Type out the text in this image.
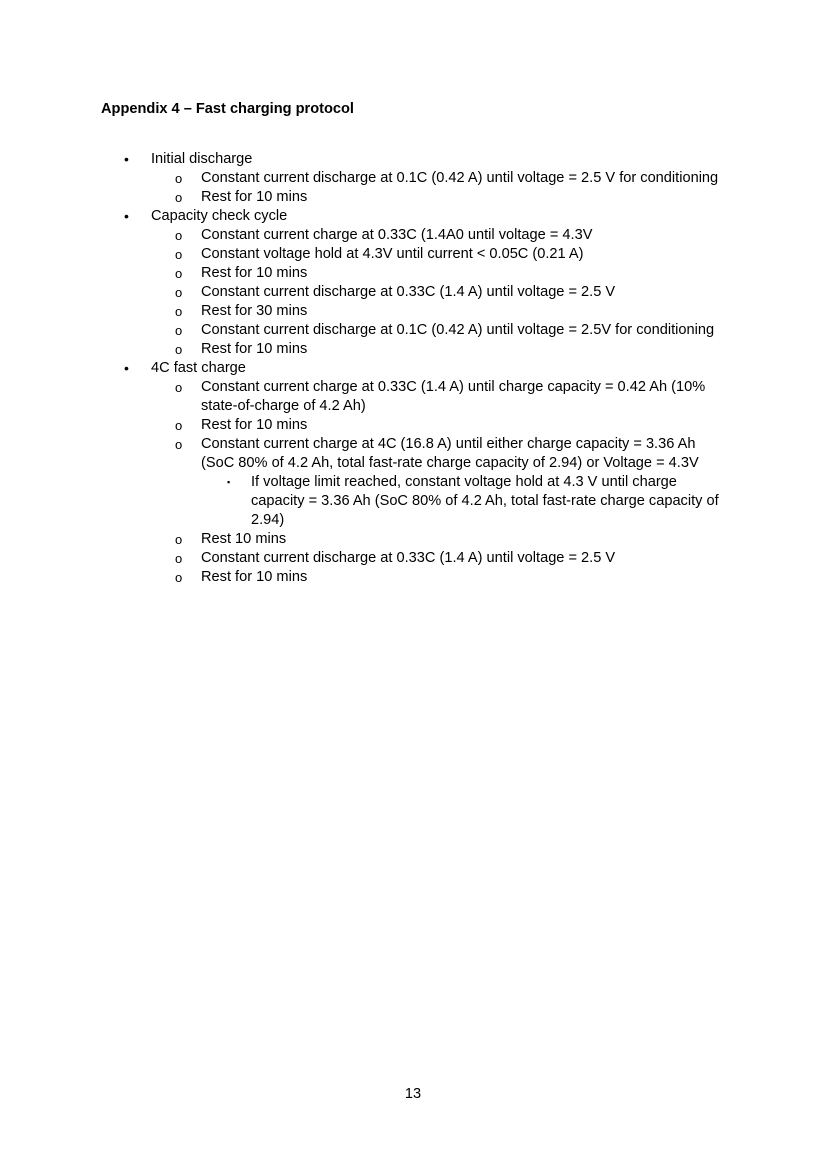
Appendix 4 – Fast charging protocol
• Initial discharge
o Constant current discharge at 0.1C (0.42 A) until voltage = 2.5 V for conditioning
o Rest for 10 mins
• Capacity check cycle
o Constant current charge at 0.33C (1.4A0 until voltage = 4.3V
o Constant voltage hold at 4.3V until current < 0.05C (0.21 A)
o Rest for 10 mins
o Constant current discharge at 0.33C (1.4 A) until voltage = 2.5 V
o Rest for 30 mins
o Constant current discharge at 0.1C (0.42 A) until voltage = 2.5V for conditioning
o Rest for 10 mins
• 4C fast charge
o Constant current charge at 0.33C (1.4 A) until charge capacity = 0.42 Ah (10% state-of-charge of 4.2 Ah)
o Rest for 10 mins
o Constant current charge at 4C (16.8 A) until either charge capacity = 3.36 Ah (SoC 80% of 4.2 Ah, total fast-rate charge capacity of 2.94) or Voltage = 4.3V
▪ If voltage limit reached, constant voltage hold at 4.3 V until charge capacity = 3.36 Ah (SoC 80% of 4.2 Ah, total fast-rate charge capacity of 2.94)
o Rest 10 mins
o Constant current discharge at 0.33C (1.4 A) until voltage = 2.5 V
o Rest for 10 mins
13
